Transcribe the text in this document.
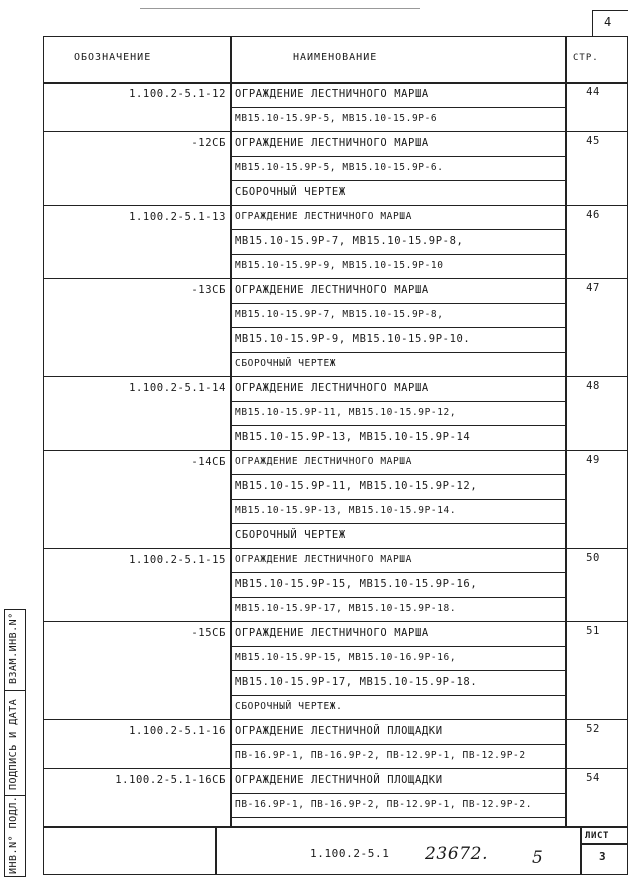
4
ОБОЗНАЧЕНИЕ	НАИМЕНОВАНИЕ	СТР.
1.100.2-5.1-12 ОГРАЖДЕНИЕ ЛЕСТНИЧНОГО МАРША	44
МВ15.10-15.9Р-5, МВ15.10-15.9Р-6
-12СБ ОГРАЖДЕНИЕ ЛЕСТНИЧНОГО МАРША	45
МВ15.10-15.9Р-5, МВ15.10-15.9Р-6.
СБОРОЧНЫЙ ЧЕРТЕЖ
1.100.2-5.1-13 ОГРАЖДЕНИЕ ЛЕСТНИЧНОГО МАРША	46
МВ15.10-15.9Р-7, МВ15.10-15.9Р-8,
МВ15.10-15.9Р-9, МВ15.10-15.9Р-10
-13СБ ОГРАЖДЕНИЕ ЛЕСТНИЧНОГО МАРША	47
МВ15.10-15.9Р-7, МВ15.10-15.9Р-8,
МВ15.10-15.9Р-9, МВ15.10-15.9Р-10.
СБОРОЧНЫЙ ЧЕРТЕЖ
1.100.2-5.1-14 ОГРАЖДЕНИЕ ЛЕСТНИЧНОГО МАРША	48
МВ15.10-15.9Р-11, МВ15.10-15.9Р-12,
МВ15.10-15.9Р-13, МВ15.10-15.9Р-14
-14СБ ОГРАЖДЕНИЕ ЛЕСТНИЧНОГО МАРША	49
МВ15.10-15.9Р-11, МВ15.10-15.9Р-12,
МВ15.10-15.9Р-13, МВ15.10-15.9Р-14.
СБОРОЧНЫЙ ЧЕРТЕЖ
1.100.2-5.1-15 ОГРАЖДЕНИЕ ЛЕСТНИЧНОГО МАРША	50
МВ15.10-15.9Р-15, МВ15.10-15.9Р-16,
МВ15.10-15.9Р-17, МВ15.10-15.9Р-18.
-15СБ ОГРАЖДЕНИЕ ЛЕСТНИЧНОГО МАРША	51
МВ15.10-15.9Р-15, МВ15.10-16.9Р-16,
МВ15.10-15.9Р-17, МВ15.10-15.9Р-18.
СБОРОЧНЫЙ ЧЕРТЕЖ.
1.100.2-5.1-16 ОГРАЖДЕНИЕ ЛЕСТНИЧНОЙ ПЛОЩАДКИ	52
ПВ-16.9Р-1, ПВ-16.9Р-2, ПВ-12.9Р-1, ПВ-12.9Р-2
1.100.2-5.1-16СБ ОГРАЖДЕНИЕ ЛЕСТНИЧНОЙ ПЛОЩАДКИ	54
ПВ-16.9Р-1, ПВ-16.9Р-2, ПВ-12.9Р-1, ПВ-12.9Р-2.
1.100.2-5.1 23672.	5
ЛИСТ
3
ВЗАМ.ИНВ.N°
ПОДПИСЬ И ДАТА
ИНВ.N° ПОДЛ.
